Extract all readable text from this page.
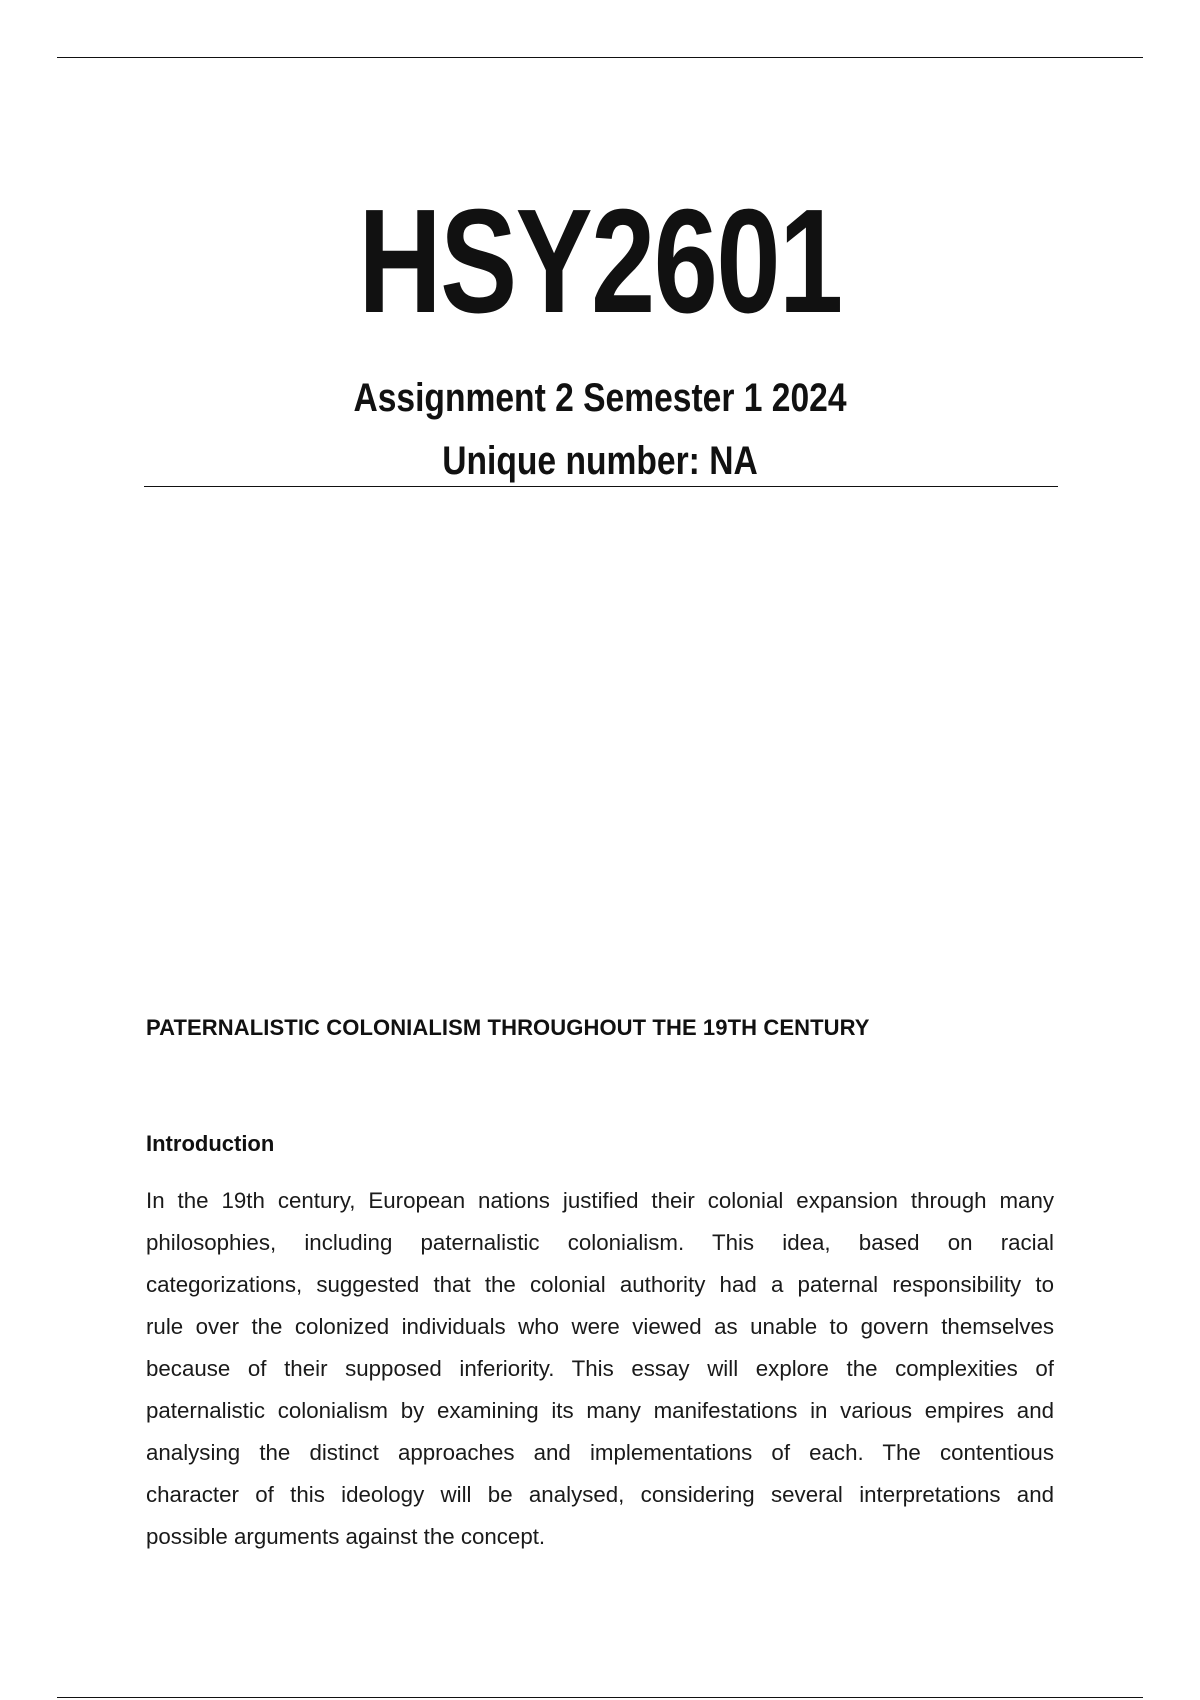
HSY2601
Assignment 2 Semester 1 2024
Unique number: NA
PATERNALISTIC COLONIALISM THROUGHOUT THE 19TH CENTURY
Introduction
In the 19th century, European nations justified their colonial expansion through many
philosophies, including paternalistic colonialism. This idea, based on racial
categorizations, suggested that the colonial authority had a paternal responsibility to
rule over the colonized individuals who were viewed as unable to govern themselves
because of their supposed inferiority. This essay will explore the complexities of
paternalistic colonialism by examining its many manifestations in various empires and
analysing the distinct approaches and implementations of each. The contentious
character of this ideology will be analysed, considering several interpretations and
possible arguments against the concept.
